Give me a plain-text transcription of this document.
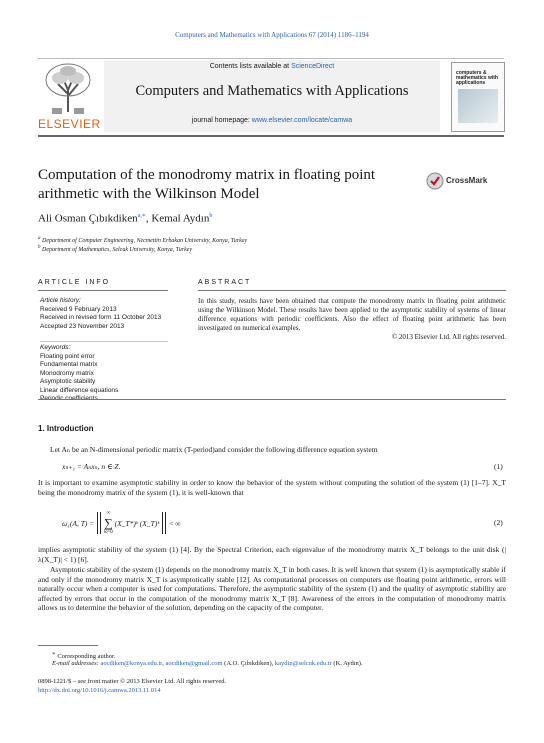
Computers and Mathematics with Applications 67 (2014) 1186–1194
ELSEVIER
Contents lists available at ScienceDirect
Computers and Mathematics with Applications
journal homepage: www.elsevier.com/locate/camwa
computers & mathematics with applications
Computation of the monodromy matrix in floating point arithmetic with the Wilkinson Model
CrossMark
Ali Osman Çıbıkdiken$^{a,∗}$, Kemal Aydın$^b$
$^a$ Department of Computer Engineering, Necmettin Erbakan University, Konya, Turkey
$^b$ Department of Mathematics, Selcuk University, Konya, Turkey
ARTICLE INFO	ABSTRACT
Article history:
Received 9 February 2013
Received in revised form 11 October 2013
Accepted 23 November 2013
Keywords:
Floating point error
Fundamental matrix
Monodromy matrix
Asymptotic stability
Linear difference equations
Periodic coefficients
In this study, results have been obtained that compute the monodromy matrix in floating point arithmetic using the Wilkinson Model. These results have been applied to the asymptotic stability of systems of linear difference equations with periodic coefficients. Also the effect of floating point arithmetic has been investigated on numerical examples.
© 2013 Elsevier Ltd. All rights reserved.
1. Introduction
Let Aₙ be an N-dimensional periodic matrix (T-period)and consider the following difference equation system
xₙ₊₁ = Aₙxₙ, n ∈ Z.	(1)
It is important to examine asymptotic stability in order to know the behavior of the system without computing the solution of the system (1) [1–7]. X_T being the monodromy matrix of the system (1), it is well-known that
ω₁(A, T) =
∞
∑
k=0
(X_T*)ᵏ (X_T)ᵏ < ∞	(2)
implies asymptotic stability of the system (1) [4]. By the Spectral Criterion, each eigenvalue of the monodromy matrix X_T belongs to the unit disk (|λ(X_T)| < 1) [6].
Asymptotic stability of the system (1) depends on the monodromy matrix X_T in both cases. It is well known that system (1) is asymptotically stable if and only if the monodromy matrix X_T is asymptotically stable [12]. As computational processes on computers use floating point arithmetic, errors will naturally occur when a computer is used for computations. Therefore, the asymptotic stability of the system (1) and the quality of asymptotic stability are affected by errors that occur in the computation of the monodromy matrix X_T [8]. Awareness of the errors in the computation of monodromy matrix allows us to determine the behavior of the solution, depending on the capacity of the computer.
∗ Corresponding author.
E-mail addresses: aocdiken@konya.edu.tr, aocdiken@gmail.com (A.O. Çıbıkdiken), kaydin@selcuk.edu.tr (K. Aydın).
0898-1221/$ – see front matter © 2013 Elsevier Ltd. All rights reserved.
http://dx.doi.org/10.1016/j.camwa.2013.11.014
